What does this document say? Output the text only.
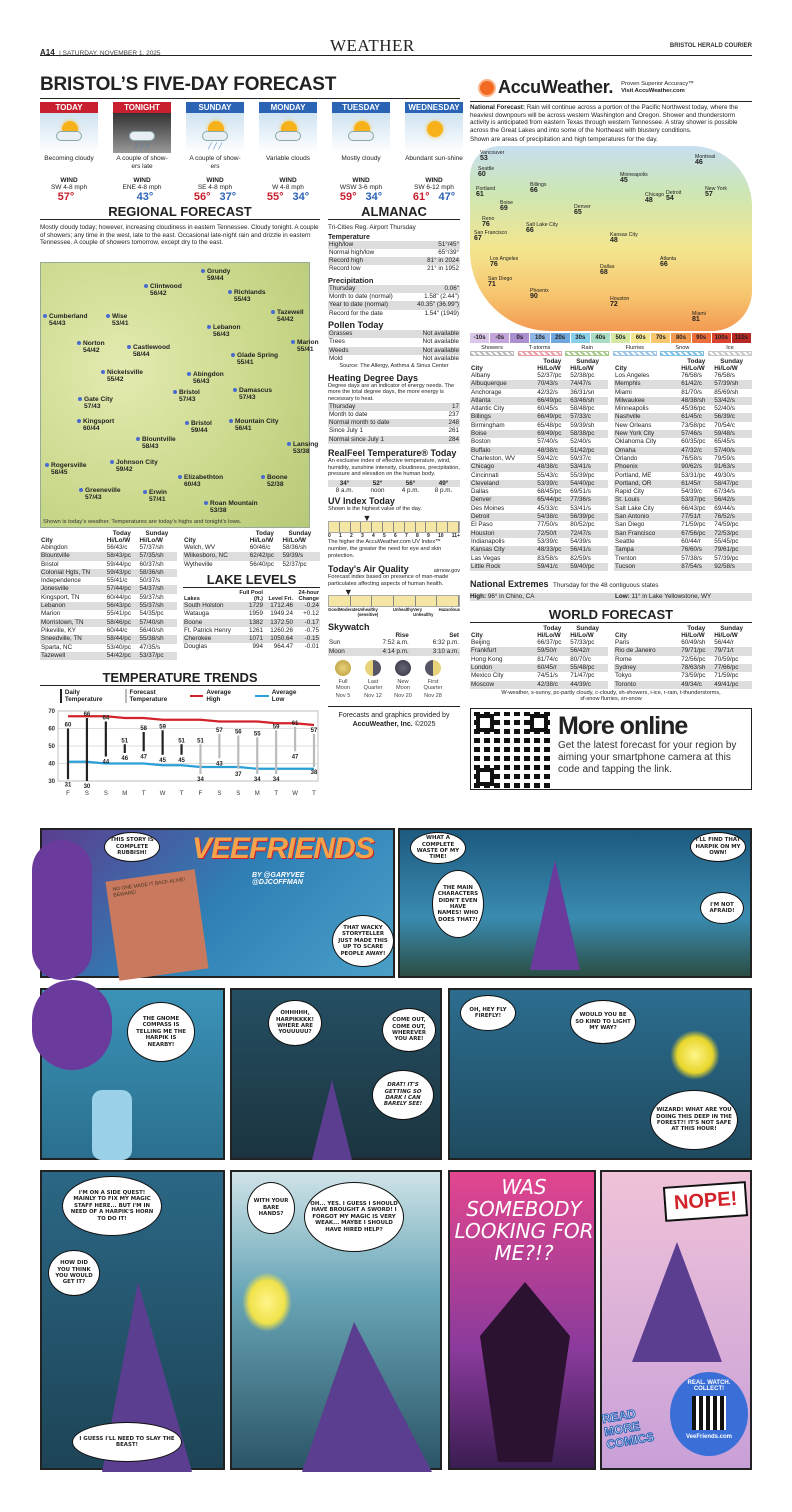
A14 | SATURDAY, NOVEMBER 1, 2025	WEATHER	BRISTOL HERALD COURIER
BRISTOL’S FIVE-DAY FORECAST
REGIONAL FORECAST

Mostly cloudy today; however, increasing cloudiness in eastern Tennessee. Cloudy tonight. A couple of showers; any time in the west, late to the east. Occasional late-night rain and drizzle in eastern Tennessee. A couple of showers tomorrow, except dry to the east.

Shown is today’s weather. Temperatures are today’s highs and tonight’s lows.
Grundy
59/44
Clintwood
56/42	Richlands
55/43
Tazewell
54/42
Cumberland
54/43
Wise
53/41
Lebanon
56/43
Norton
54/42	Castlewood
58/44
Marion
55/41
Glade Spring
55/41
Nickelsville
55/42
Abingdon
56/43
Bristol
57/43
Damascus
57/43
Gate City
57/43
Kingsport
60/44
Bristol
59/44
Mountain City
56/41
Blountville
58/43	Lansing
53/38
Johnson City
59/42
Rogersville
58/45
Elizabethton
60/43
Boone
52/38
Greeneville
57/43
Erwin
57/41
Roan Mountain
53/38
City	Today
Hi/Lo/W	Sunday
Hi/Lo/W
Abingdon	56/43/c	57/37/sh
Blountville	58/43/pc	57/35/sh
Bristol	59/44/pc	60/37/sh
Colonial Hgts, TN	59/43/pc	58/36/sh
Independence	55/41/c	50/37/s
Jonesville	57/44/pc	54/37/sh
Kingsport, TN	60/44/pc	59/37/sh
Lebanon	56/43/pc	55/37/sh
Marion	55/41/pc	54/35/pc
Morristown, TN	58/46/pc	57/40/sh
Pikeville, KY	60/44/c	56/40/sh
Sneedville, TN	58/44/pc	55/38/sh
Sparta, NC	53/40/pc	47/35/s
Tazewell	54/42/pc	53/37/pc
City	Today
Hi/Lo/W	Sunday
Hi/Lo/W
Welch, WV	60/46/c	58/36/sh
Wilkesboro, NC	62/42/pc	59/39/s
Wytheville	56/40/pc	52/37/pc
LAKE LEVELS
Lakes	Full Pool (ft.)	Level Fri.	24-hour Change
South Holston	1729	1712.46	-0.24
Watauga	1959	1949.24	+0.12
Boone	1382	1372.50	-0.17
Ft. Patrick Henry	1261	1260.26	-0.75
Cherokee	1071	1050.64	-0.15
Douglas	994	964.47	-0.01
TEMPERATURE TRENDS
Daily Temperature
Forecast Temperature
Average High
Average Low
30
40
50
60
70
60
31
F
66
30
S
64
44
S
51
46
M
58
47
T
59
45
W
51
45
T
51
34
F
57
43
S
56
37
S
55
34
M
59
34
T
61
47
W
57
38
T
ALMANAC
Tri-Cities Reg. Airport Thursday
Temperature
High/low	51°/45°
Normal high/low	65°/39°
Record high	81° in 2024
Record low	21° in 1952
Precipitation
Thursday	0.06"
Month to date (normal)	1.58" (2.44")
Year to date (normal)	40.35" (36.99")
Record for the date	1.54" (1949)
Pollen Today
Grasses	Not available
Trees	Not available
Weeds	Not available
Mold	Not available
Source: The Allergy, Asthma & Sinus Center
Heating Degree Days
Degree days are an indicator of energy needs. The more the total degree days, the more energy is necessary to heat.
Thursday	17
Month to date	237
Normal month to date	248
Since July 1	261
Normal since July 1	284
RealFeel Temperature® Today
An exclusive index of effective temperature, wind, humidity, sunshine intensity, cloudiness, precipitation, pressure and elevation on the human body.
34°	52°	56°	49°
8 a.m.	noon	4 p.m.	8 p.m.
UV Index Today
Shown is the highest value of the day.
▼
0 1 2 3 4 5 6 7 8 9 10 11+
The higher the AccuWeather.com UV Index™ number, the greater the need for eye and skin protection.
Today's Air Quality	airnow.gov
Forecast index based on presence of man-made particulates affecting aspects of human health.
▼
Good Moderate Unhealthy (sensitive)
Unhealthy Very Unhealthy
Hazardous
Skywatch
	Rise	Set
Sun	7:52 a.m.	6:32 p.m.
Moon	4:14 p.m.	3:10 a.m.
Full Moon
Nov 5
Last Quarter
Nov 12
New Moon
Nov 20
First Quarter
Nov 28
Forecasts and graphics provided by
AccuWeather, Inc. ©2025
AccuWeather. Proven Superior Accuracy™
Visit AccuWeather.com

National Forecast: Rain will continue across a portion of the Pacific Northwest today, where the heaviest downpours will be across western Washington and Oregon. Shower and thunderstorm activity is anticipated from eastern Texas through western Tennessee. A stray shower is possible across the Great Lakes and into some of the Northeast with blustery conditions.

Shown are areas of precipitation and high temperatures for the day.

Vancouver
53
Seattle
60
Portland
61
Billings
66
Boise
69
Reno
76
San Francisco
67
Los Angeles
76
San Diego
71
Phoenix
90
Denver
65
Salt Lake City
66
Minneapolis
45
Chicago
48
Kansas City
48
Dallas
68
Houston
72
Atlanta
66
Miami
81
New York
57
Montreal
46
Detroit
54
-10s	-0s	0s	10s	20s	30s	40s	50s	60s	70s	80s	90s	100s	110s
Showers	T-storms	Rain	Flurries	Snow	Ice
City	Today
Hi/Lo/W	Sunday
Hi/Lo/W
Albany	52/37/pc	52/38/pc
Albuquerque	70/43/s	74/47/s
Anchorage	42/32/s	36/31/sn
Atlanta	66/49/pc	63/46/sh
Atlantic City	60/45/s	58/48/pc
Billings	66/49/pc	57/33/c
Birmingham	65/48/pc	59/39/sh
Boise	69/49/pc	58/38/pc
Boston	57/40/s	52/40/s
Buffalo	48/38/c	51/42/pc
Charleston, WV	59/42/c	59/37/c
Chicago	48/38/c	53/41/s
Cincinnati	55/43/c	55/39/pc
Cleveland	53/39/c	54/40/pc
Dallas	68/45/pc	69/51/s
Denver	65/44/pc	77/36/s
Des Moines	45/33/c	53/41/s
Detroit	54/38/c	56/39/pc
El Paso	77/50/s	80/52/pc
Houston	72/50/t	72/47/s
Indianapolis	53/39/c	54/39/s
Kansas City	48/33/pc	56/41/s
Las Vegas	83/58/s	82/59/s
Little Rock	59/41/c	59/40/pc
City	Today
Hi/Lo/W	Sunday
Hi/Lo/W
Los Angeles	76/58/s	76/58/s
Memphis	61/42/c	57/39/sh
Miami	81/70/s	85/69/sh
Milwaukee	48/38/sh	53/42/s
Minneapolis	45/36/pc	52/40/s
Nashville	61/45/c	56/39/c
New Orleans	73/58/pc	70/54/c
New York City	57/46/s	59/48/s
Oklahoma City	60/35/pc	65/45/s
Omaha	47/32/c	57/40/s
Orlando	76/58/s	79/59/s
Phoenix	90/62/s	91/63/s
Portland, ME	53/31/pc	49/30/s
Portland, OR	61/45/r	58/47/pc
Rapid City	54/39/c	67/34/s
St. Louis	53/37/pc	56/42/s
Salt Lake City	66/43/pc	69/44/s
San Antonio	77/51/t	76/52/s
San Diego	71/59/pc	74/59/pc
San Francisco	67/56/pc	72/53/pc
Seattle	60/44/r	55/45/pc
Tampa	76/60/s	79/61/pc
Trenton	57/38/s	57/39/pc
Tucson	87/54/s	92/58/s
National Extremes Thursday for the 48 contiguous states
High: 96° in Chino, CA	Low: 11° in Lake Yellowstone, WY
WORLD FORECAST
City	Today
Hi/Lo/W	Sunday
Hi/Lo/W
Beijing	66/37/pc	57/33/pc
Frankfurt	59/50/r	56/42/r
Hong Kong	81/74/c	80/70/c
London	60/45/r	55/48/pc
Mexico City	74/51/s	71/47/pc
Moscow	42/38/c	44/39/c
City	Today
Hi/Lo/W	Sunday
Hi/Lo/W
Paris	60/49/sh	56/44/r
Rio de Janeiro	79/71/pc	79/71/t
Rome	72/56/pc	70/59/pc
Sydney	78/63/sh	77/66/pc
Tokyo	73/59/pc	71/59/pc
Toronto	49/34/c	49/41/pc

W-weather, s-sunny, pc-partly cloudy, c-cloudy, sh-showers, i-ice, r-rain, t-thunderstorms, sf-snow flurries, sn-snow

More online
Get the latest forecast for your region by aiming your smartphone camera at this code and tapping the link.
VEEFRIENDS
BY @GARYVEE
@DJCOFFMAN
NO ONE MADE IT BACK ALIVE! BEWARE!
THIS STORY IS COMPLETE RUBBISH!
THAT WACKY STORYTELLER JUST MADE THIS UP TO SCARE PEOPLE AWAY!
WHAT A COMPLETE WASTE OF MY TIME!
THE MAIN CHARACTERS DIDN'T EVEN HAVE NAMES! WHO DOES THAT?!
I'LL FIND THAT HARPIK ON MY OWN!
I'M NOT AFRAID!
THE GNOME COMPASS IS TELLING ME THE HARPIK IS NEARBY!
OHHHHH, HARPIKKKK! WHERE ARE YOUUUUU?
COME OUT, COME OUT, WHEREVER YOU ARE!
DRAT! IT'S GETTING SO DARK I CAN BARELY SEE!
OH, HEY FLY FIREFLY!	WOULD YOU BE SO KIND TO LIGHT MY WAY?
WIZARD! WHAT ARE YOU DOING THIS DEEP IN THE FOREST?! IT'S NOT SAFE AT THIS HOUR!
I'M ON A SIDE QUEST! MAINLY TO FIX MY MAGIC STAFF HERE... BUT I'M IN NEED OF A HARPIK'S HORN TO DO IT!
HOW DID YOU THINK YOU WOULD GET IT?
I GUESS I'LL NEED TO SLAY THE BEAST!
WITH YOUR BARE HANDS?
OH... YES. I GUESS I SHOULD HAVE BROUGHT A SWORD! I FORGOT MY MAGIC IS VERY WEAK... MAYBE I SHOULD HAVE HIRED HELP?
WAS SOMEBODY LOOKING FOR ME?!?
NOPE!
READ MORE COMICS
REAL. WATCH. COLLECT!
VeeFriends.com
TODAY
Becoming cloudy
WIND
SW 4-8 mph
57°
TONIGHT
╱ ╱ ╱
A couple of show-ers late
WIND
ENE 4-8 mph
43°
SUNDAY
╱ ╱ ╱
A couple of show-ers
WIND
SE 4-8 mph
56° 37°
MONDAY
Variable clouds
WIND
W 4-8 mph
55° 34°
TUESDAY
Mostly cloudy
WIND
WSW 3-6 mph
59° 34°
WEDNESDAY
Abundant sun-shine
WIND
SW 6-12 mph
61° 47°
